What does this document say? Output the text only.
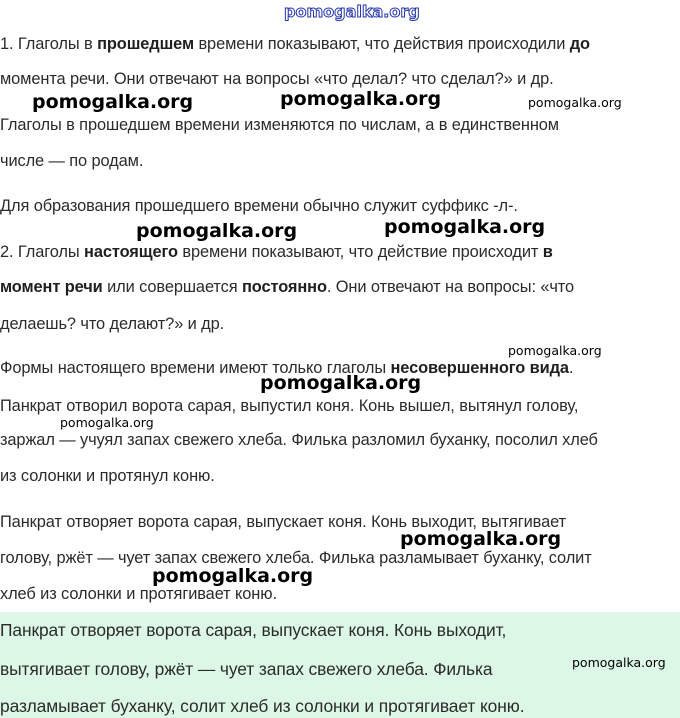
Панкрат отворяет ворота сарая, выпускает коня. Конь выходит,
вытягивает голову, ржёт — чует запах свежего хлеба. Филька
разламывает буханку, солит хлеб из солонки и протягивает коню.
1. Глаголы в прошедшем времени показывают, что действия происходили до
момента речи. Они отвечают на вопросы «что делал? что сделал?» и др.
Глаголы в прошедшем времени изменяются по числам, а в единственном
числе — по родам.
Для образования прошедшего времени обычно служит суффикс -л-.
2. Глаголы настоящего времени показывают, что действие происходит в
момент речи или совершается постоянно. Они отвечают на вопросы: «что
делаешь? что делают?» и др.
Формы настоящего времени имеют только глаголы несовершенного вида.
Панкрат отворил ворота сарая, выпустил коня. Конь вышел, вытянул голову,
заржал — учуял запах свежего хлеба. Филька разломил буханку, посолил хлеб
из солонки и протянул коню.
Панкрат отворяет ворота сарая, выпускает коня. Конь выходит, вытягивает
голову, ржёт — чует запах свежего хлеба. Филька разламывает буханку, солит
хлеб из солонки и протягивает коню.
pomogalka.org
pomogalka.org	pomogalka.org	pomogalka.org
pomogalka.org	pomogalka.org
pomogalka.org
pomogalka.org
pomogalka.org
pomogalka.org
pomogalka.org
pomogalka.org
